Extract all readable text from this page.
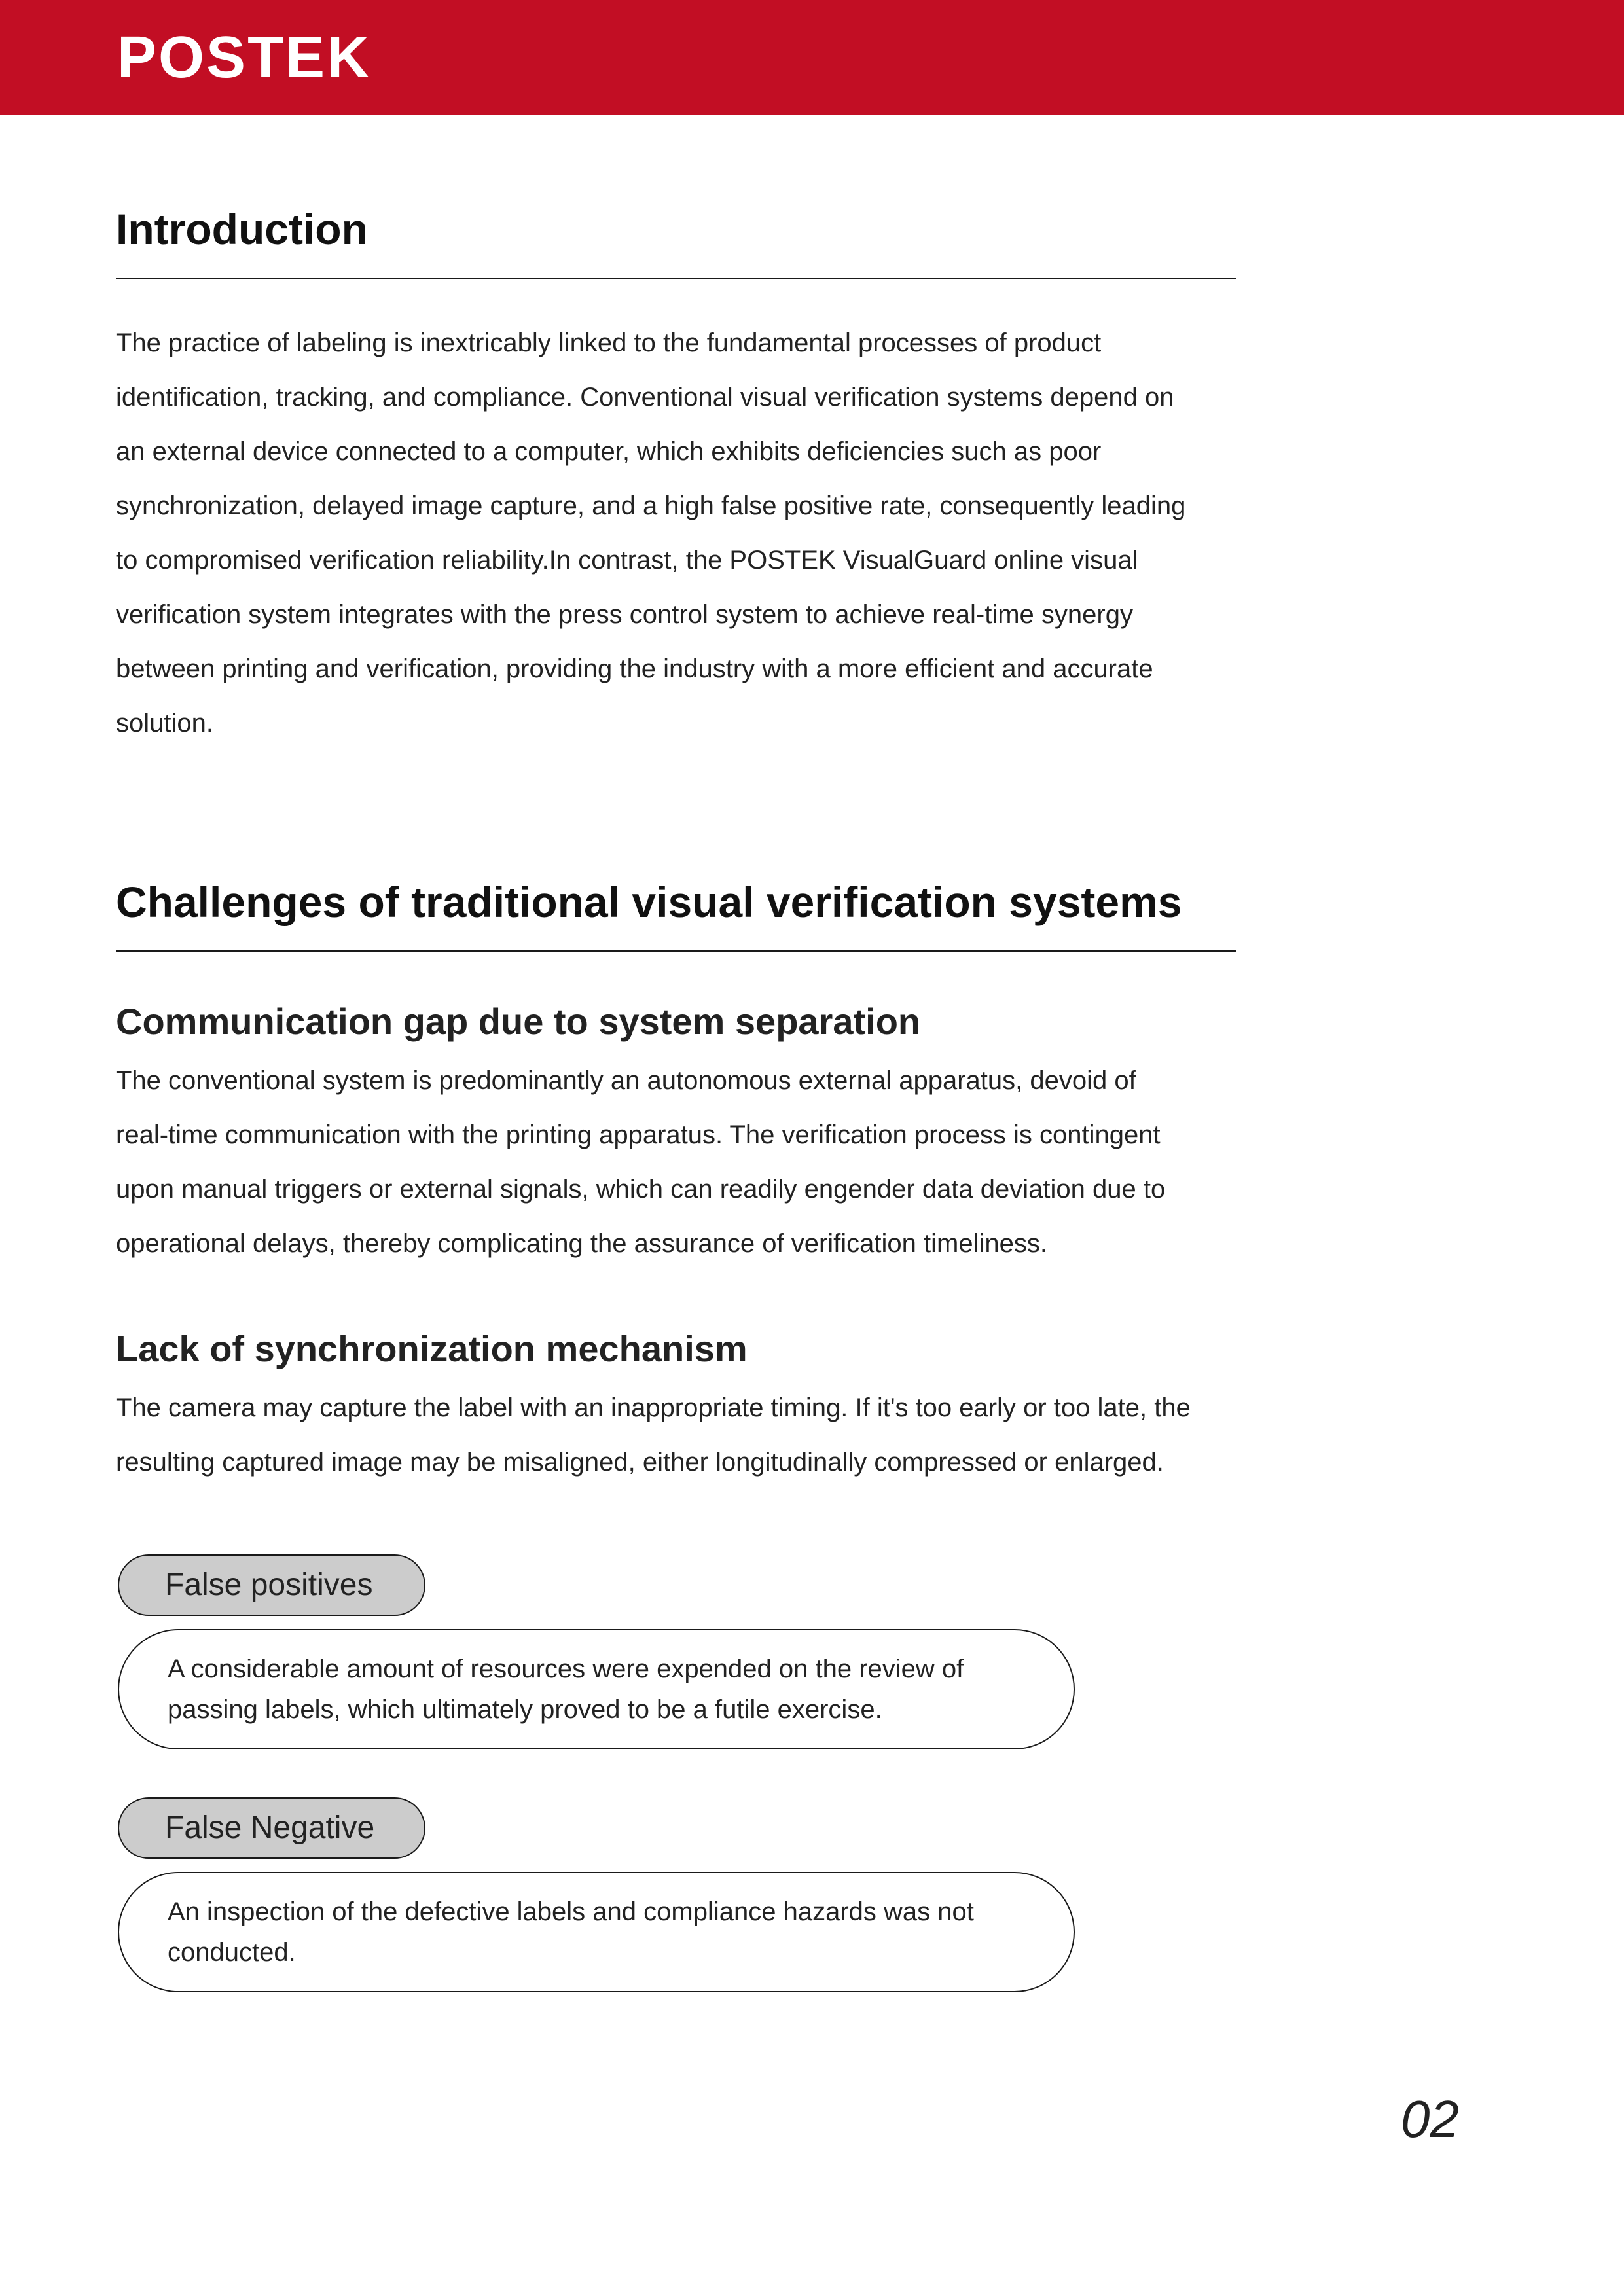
POSTEK
Introduction

The practice of labeling is inextricably linked to the fundamental processes of product

identification, tracking, and compliance. Conventional visual verification systems depend on

an external device connected to a computer, which exhibits deficiencies such as poor

synchronization, delayed image capture, and a high false positive rate, consequently leading

to compromised verification reliability.In contrast, the POSTEK VisualGuard online visual

verification system integrates with the press control system to achieve real-time synergy

between printing and verification, providing the industry with a more efficient and accurate

solution.

Challenges of traditional visual verification systems
Communication gap due to system separation

The conventional system is predominantly an autonomous external apparatus, devoid of

real-time communication with the printing apparatus. The verification process is contingent

upon manual triggers or external signals, which can readily engender data deviation due to

operational delays, thereby complicating the assurance of verification timeliness.

Lack of synchronization mechanism

The camera may capture the label with an inappropriate timing. If it's too early or too late, the

resulting captured image may be misaligned, either longitudinally compressed or enlarged.

False positives
A considerable amount of resources were expended on the review of
passing labels, which ultimately proved to be a futile exercise.
False Negative
An inspection of the defective labels and compliance hazards was not
conducted.
02
